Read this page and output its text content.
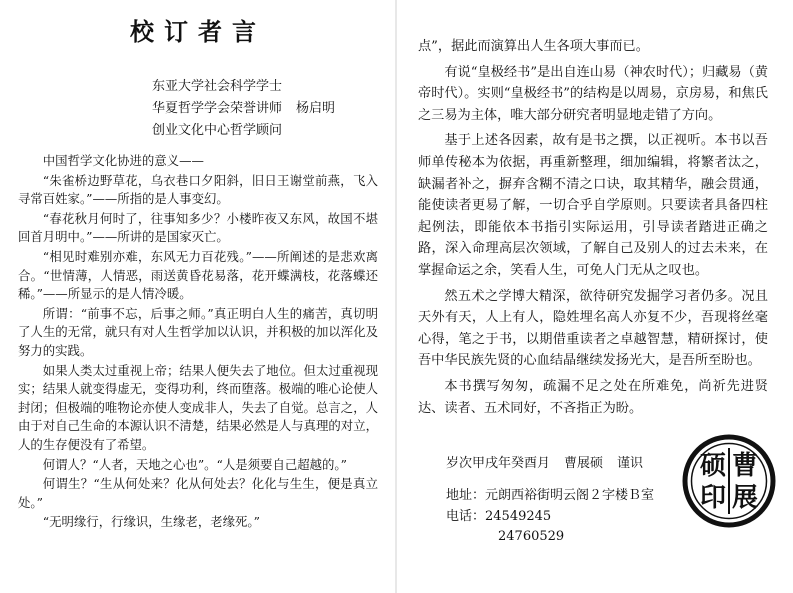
校订者言
东亚大学社会科学学士
华夏哲学学会荣誉讲师 杨启明
创业文化中心哲学顾问

中国哲学文化协进的意义——

“朱雀桥边野草花，乌衣巷口夕阳斜，旧日王谢堂前燕，飞入寻常百姓家。”——所指的是人事变幻。

“春花秋月何时了，往事知多少？小楼昨夜又东风，故国不堪回首月明中。”——所讲的是国家灭亡。

“相见时难别亦难，东风无力百花残。”——所阐述的是悲欢离合。“世情薄，人情恶，雨送黄昏花易落，花开蝶满枝，花落蝶还稀。”——所显示的是人情冷暖。

所谓：“前事不忘，后事之师。”真正明白人生的痛苦，真切明了人生的无常，就只有对人生哲学加以认识，并积极的加以浑化及努力的实践。

如果人类太过重视上帝；结果人便失去了地位。但太过重视现实；结果人就变得虚无，变得功利，终而堕落。极端的唯心论使人封闭；但极端的唯物论亦使人变成非人，失去了自觉。总言之，人由于对自己生命的本源认识不清楚，结果必然是人与真理的对立，人的生存便没有了希望。

何谓人？“人者，天地之心也”。“人是须要自己超越的。”

何谓生？“生从何处来？化从何处去？化化与生生，便是真立处。”

“无明缘行，行缘识，生缘老，老缘死。”

点”，据此而演算出人生各项大事而已。

有说“皇极经书”是出自连山易（神农时代）；归藏易（黄帝时代）。实则“皇极经书”的结构是以周易，京房易，和焦氏之三易为主体，唯大部分研究者明显地走错了方向。

基于上述各因素，故有是书之撰，以正视听。本书以吾师单传秘本为依据，再重新整理，细加编辑，将繁者汰之，缺漏者补之，摒弃含糊不清之口诀，取其精华，融会贯通，能使读者更易了解，一切合乎自学原则。只要读者具备四柱起例法，即能依本书指引实际运用，引导读者踏进正确之路，深入命理高层次领域，了解自己及别人的过去未来，在掌握命运之余，笑看人生，可免人门无从之叹也。

然五术之学博大精深，欲待研究发掘学习者仍多。况且天外有天，人上有人，隐姓埋名高人亦复不少，吾现将丝毫心得，笔之于书，以期借重读者之卓越智慧，精研探讨，使吾中华民族先贤的心血结晶继续发扬光大，是吾所至盼也。

本书撰写匆匆，疏漏不足之处在所难免，尚祈先进贤达、读者、五术同好，不吝指正为盼。

岁次甲戌年癸酉月 曹展硕 谨识
地址：元朗西裕街明云阁２字楼Ｂ室
电话：24549245
24760529
曹
展
硕
印
